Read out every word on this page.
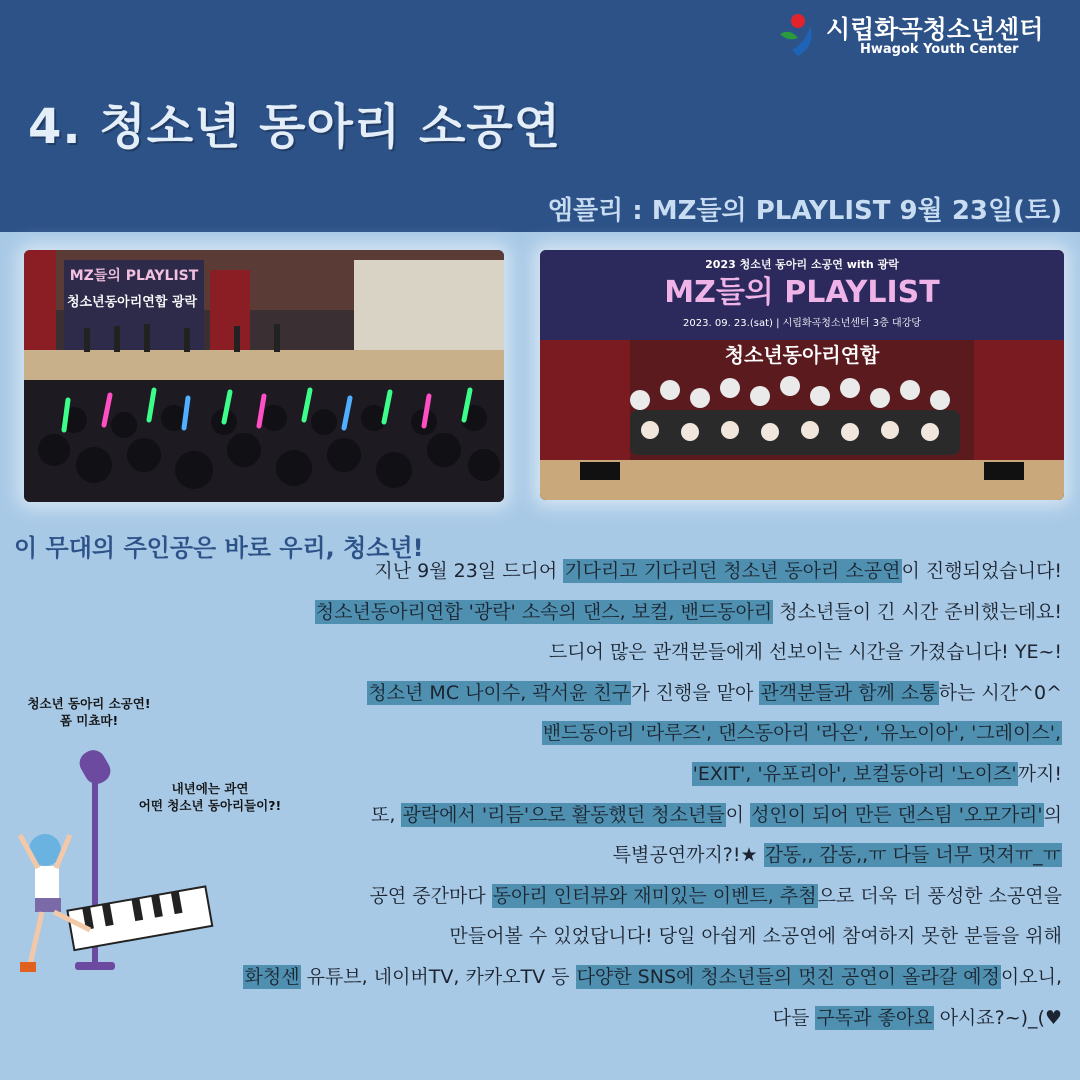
시립화곡청소년센터
Hwagok Youth Center
4. 청소년 동아리 소공연
엠플리 : MZ들의 PLAYLIST 9월 23일(토)
MZ들의 PLAYLIST
청소년동아리연합 광락
2023 청소년 동아리 소공연 with 광락
MZ들의 PLAYLIST
2023. 09. 23.(sat) | 시립화곡청소년센터 3층 대강당
청소년동아리연합
이 무대의 주인공은 바로 우리, 청소년!
지난 9월 23일 드디어 기다리고 기다리던 청소년 동아리 소공연이 진행되었습니다!
청소년동아리연합 '광락' 소속의 댄스, 보컬, 밴드동아리 청소년들이 긴 시간 준비했는데요!
드디어 많은 관객분들에게 선보이는 시간을 가졌습니다! YE~!
청소년 MC 나이수, 곽서윤 친구가 진행을 맡아 관객분들과 함께 소통하는 시간^0^
밴드동아리 '라루즈', 댄스동아리 '라온', '유노이아', '그레이스',
'EXIT', '유포리아', 보컬동아리 '노이즈'까지!
또, 광락에서 '리듬'으로 활동했던 청소년들이 성인이 되어 만든 댄스팀 '오모가리'의
특별공연까지?!★ 감동,, 감동,,ㅠ 다들 너무 멋져ㅠ_ㅠ
공연 중간마다 동아리 인터뷰와 재미있는 이벤트, 추첨으로 더욱 더 풍성한 소공연을
만들어볼 수 있었답니다! 당일 아쉽게 소공연에 참여하지 못한 분들을 위해
화청센 유튜브, 네이버TV, 카카오TV 등 다양한 SNS에 청소년들의 멋진 공연이 올라갈 예정이오니,
다들 구독과 좋아요 아시죠?~)_(♥
청소년 동아리 소공연!
폼 미쵸따!
내년에는 과연
어떤 청소년 동아리들이?!
